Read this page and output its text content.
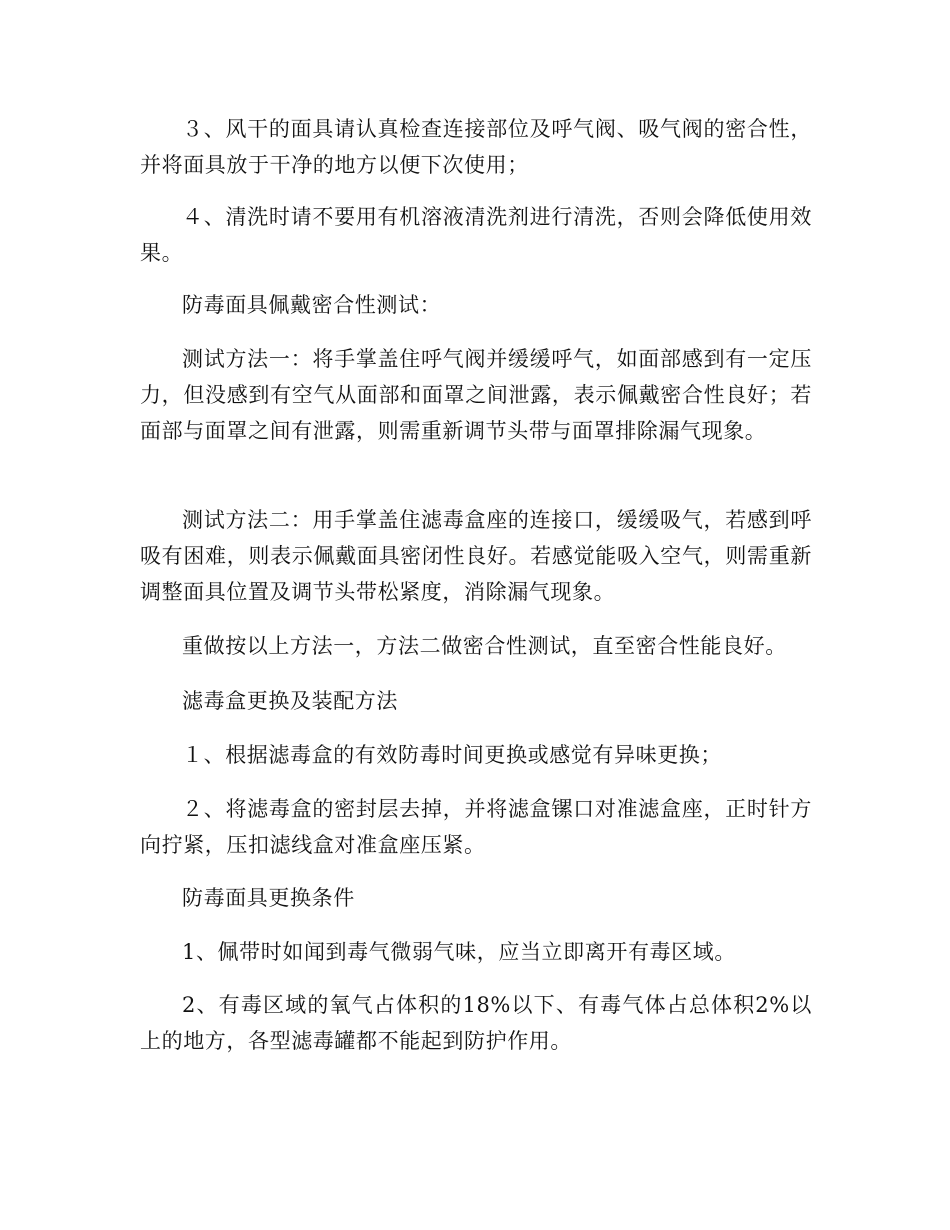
３、风干的面具请认真检查连接部位及呼气阀、吸气阀的密合性，并将面具放于干净的地方以便下次使用；

４、清洗时请不要用有机溶液清洗剂进行清洗，否则会降低使用效果。

防毒面具佩戴密合性测试：

测试方法一：将手掌盖住呼气阀并缓缓呼气，如面部感到有一定压力，但没感到有空气从面部和面罩之间泄露，表示佩戴密合性良好；若面部与面罩之间有泄露，则需重新调节头带与面罩排除漏气现象。

测试方法二：用手掌盖住滤毒盒座的连接口，缓缓吸气，若感到呼吸有困难，则表示佩戴面具密闭性良好。若感觉能吸入空气，则需重新调整面具位置及调节头带松紧度，消除漏气现象。

重做按以上方法一，方法二做密合性测试，直至密合性能良好。

滤毒盒更换及装配方法

１、根据滤毒盒的有效防毒时间更换或感觉有异味更换；

２、将滤毒盒的密封层去掉，并将滤盒镙口对准滤盒座，正时针方向拧紧，压扣滤线盒对准盒座压紧。

防毒面具更换条件

1、佩带时如闻到毒气微弱气味，应当立即离开有毒区域。

2、有毒区域的氧气占体积的18%以下、有毒气体占总体积2%以上的地方，各型滤毒罐都不能起到防护作用。
